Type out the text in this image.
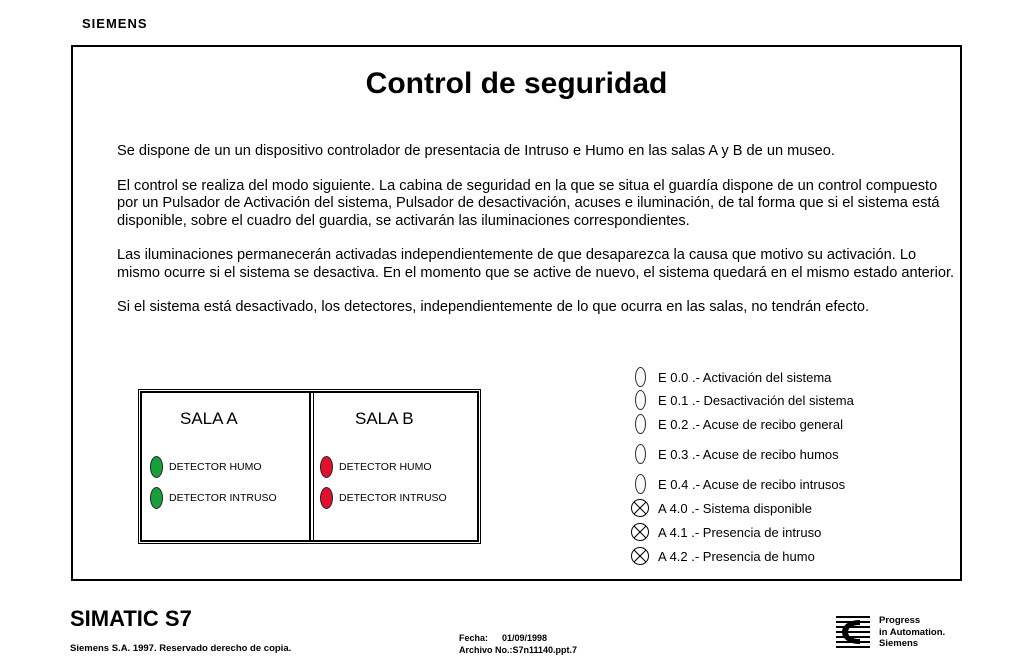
SIEMENS
Control de seguridad

Se dispone de un un dispositivo controlador de presentacia de Intruso e Humo en las salas A y B de un museo.

El control se realiza del modo siguiente. La cabina de seguridad en la que se situa el guardía dispone de un control compuesto por un Pulsador de Activación del sistema, Pulsador de desactivación, acuses e iluminación, de tal forma que si el sistema está disponible, sobre el cuadro del guardia, se activarán las iluminaciones correspondientes.

Las iluminaciones permanecerán activadas independientemente de que desaparezca la causa que motivo su activación. Lo mismo ocurre si el sistema se desactiva. En el momento que se active de nuevo, el sistema quedará en el mismo estado anterior.

Si el sistema está desactivado, los detectores, independientemente de lo que ocurra en las salas, no tendrán efecto.

SALA A
DETECTOR HUMO
DETECTOR INTRUSO
SALA B
DETECTOR HUMO
DETECTOR INTRUSO
E 0.0 .- Activación del sistema
E 0.1 .- Desactivación del sistema
E 0.2 .- Acuse de recibo general
E 0.3 .- Acuse de recibo humos
E 0.4 .- Acuse de recibo intrusos
A 4.0 .- Sistema disponible
A 4.1 .- Presencia de intruso
A 4.2 .- Presencia de humo
SIMATIC S7
Siemens S.A. 1997. Reservado derecho de copia.
Fecha: 01/09/1998
Archivo No.:S7n11140.ppt.7
Progress
in Automation.
Siemens
